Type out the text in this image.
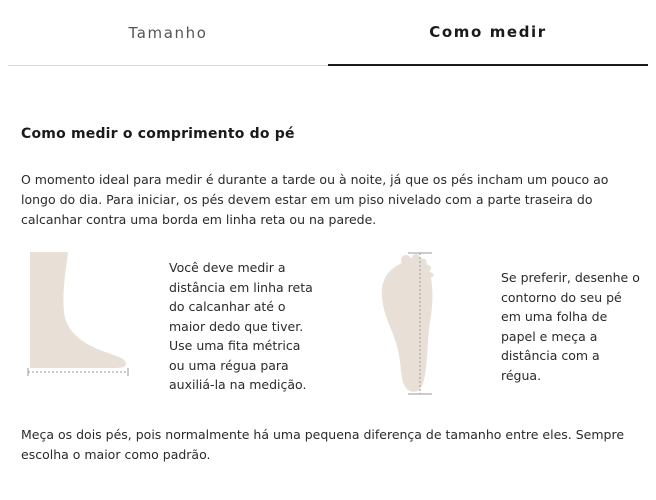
Tamanho	Como medir
Como medir o comprimento do pé

O momento ideal para medir é durante a tarde ou à noite, já que os pés incham um pouco ao longo do dia. Para iniciar, os pés devem estar em um piso nivelado com a parte traseira do calcanhar contra uma borda em linha reta ou na parede.

Você deve medir a distância em linha reta do calcanhar até o maior dedo que tiver. Use uma fita métrica ou uma régua para auxiliá-la na medição.

Se preferir, desenhe o contorno do seu pé em uma folha de papel e meça a distância com a régua.

Meça os dois pés, pois normalmente há uma pequena diferença de tamanho entre eles. Sempre escolha o maior como padrão.
